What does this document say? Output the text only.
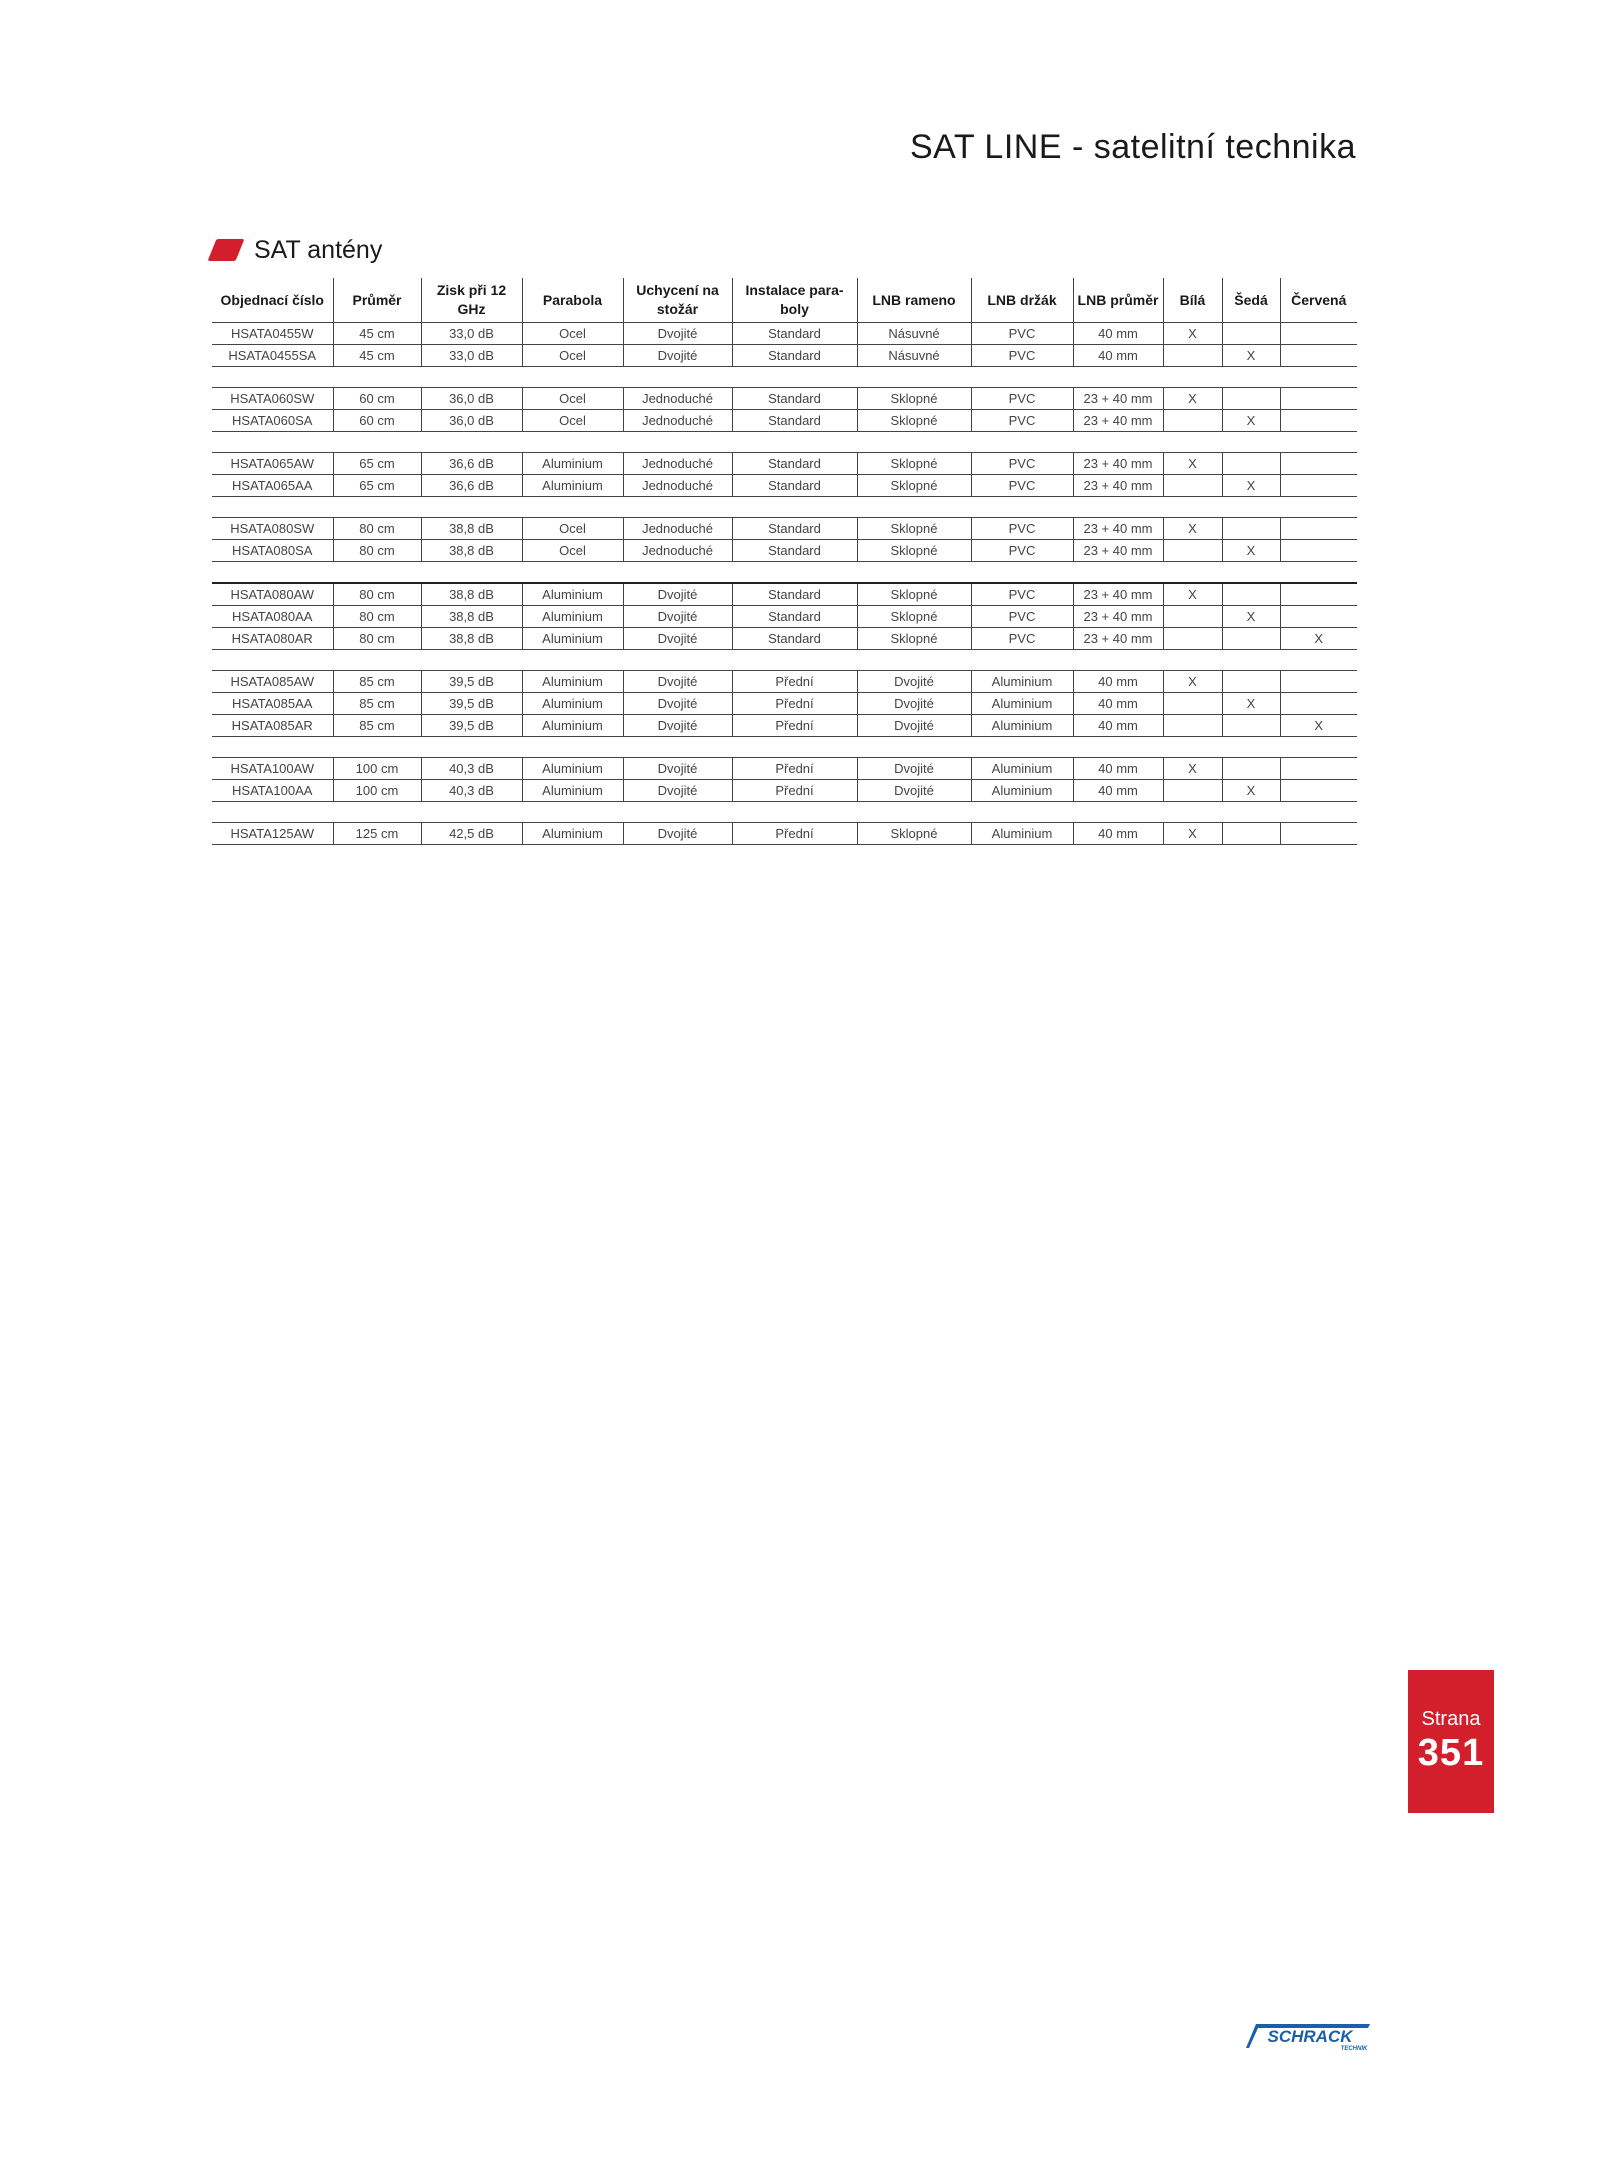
SAT LINE - satelitní technika
SAT antény
Objednací číslo	Průměr	Zisk při 12 GHz	Parabola	Uchycení na stožár	Instalace para-boly	LNB rameno	LNB držák	LNB průměr	Bílá	Šedá	Červená
HSATA0455W	45 cm	33,0 dB	Ocel	Dvojité	Standard	Násuvné	PVC	40 mm	X		
HSATA0455SA	45 cm	33,0 dB	Ocel	Dvojité	Standard	Násuvné	PVC	40 mm		X	

HSATA060SW	60 cm	36,0 dB	Ocel	Jednoduché	Standard	Sklopné	PVC	23 + 40 mm	X		
HSATA060SA	60 cm	36,0 dB	Ocel	Jednoduché	Standard	Sklopné	PVC	23 + 40 mm		X	

HSATA065AW	65 cm	36,6 dB	Aluminium	Jednoduché	Standard	Sklopné	PVC	23 + 40 mm	X		
HSATA065AA	65 cm	36,6 dB	Aluminium	Jednoduché	Standard	Sklopné	PVC	23 + 40 mm		X	

HSATA080SW	80 cm	38,8 dB	Ocel	Jednoduché	Standard	Sklopné	PVC	23 + 40 mm	X		
HSATA080SA	80 cm	38,8 dB	Ocel	Jednoduché	Standard	Sklopné	PVC	23 + 40 mm		X	

HSATA080AW	80 cm	38,8 dB	Aluminium	Dvojité	Standard	Sklopné	PVC	23 + 40 mm	X		
HSATA080AA	80 cm	38,8 dB	Aluminium	Dvojité	Standard	Sklopné	PVC	23 + 40 mm		X	
HSATA080AR	80 cm	38,8 dB	Aluminium	Dvojité	Standard	Sklopné	PVC	23 + 40 mm			X

HSATA085AW	85 cm	39,5 dB	Aluminium	Dvojité	Přední	Dvojité	Aluminium	40 mm	X		
HSATA085AA	85 cm	39,5 dB	Aluminium	Dvojité	Přední	Dvojité	Aluminium	40 mm		X	
HSATA085AR	85 cm	39,5 dB	Aluminium	Dvojité	Přední	Dvojité	Aluminium	40 mm			X

HSATA100AW	100 cm	40,3 dB	Aluminium	Dvojité	Přední	Dvojité	Aluminium	40 mm	X		
HSATA100AA	100 cm	40,3 dB	Aluminium	Dvojité	Přední	Dvojité	Aluminium	40 mm		X	

HSATA125AW	125 cm	42,5 dB	Aluminium	Dvojité	Přední	Sklopné	Aluminium	40 mm	X		
Strana
351
SCHRACK
TECHNIK
